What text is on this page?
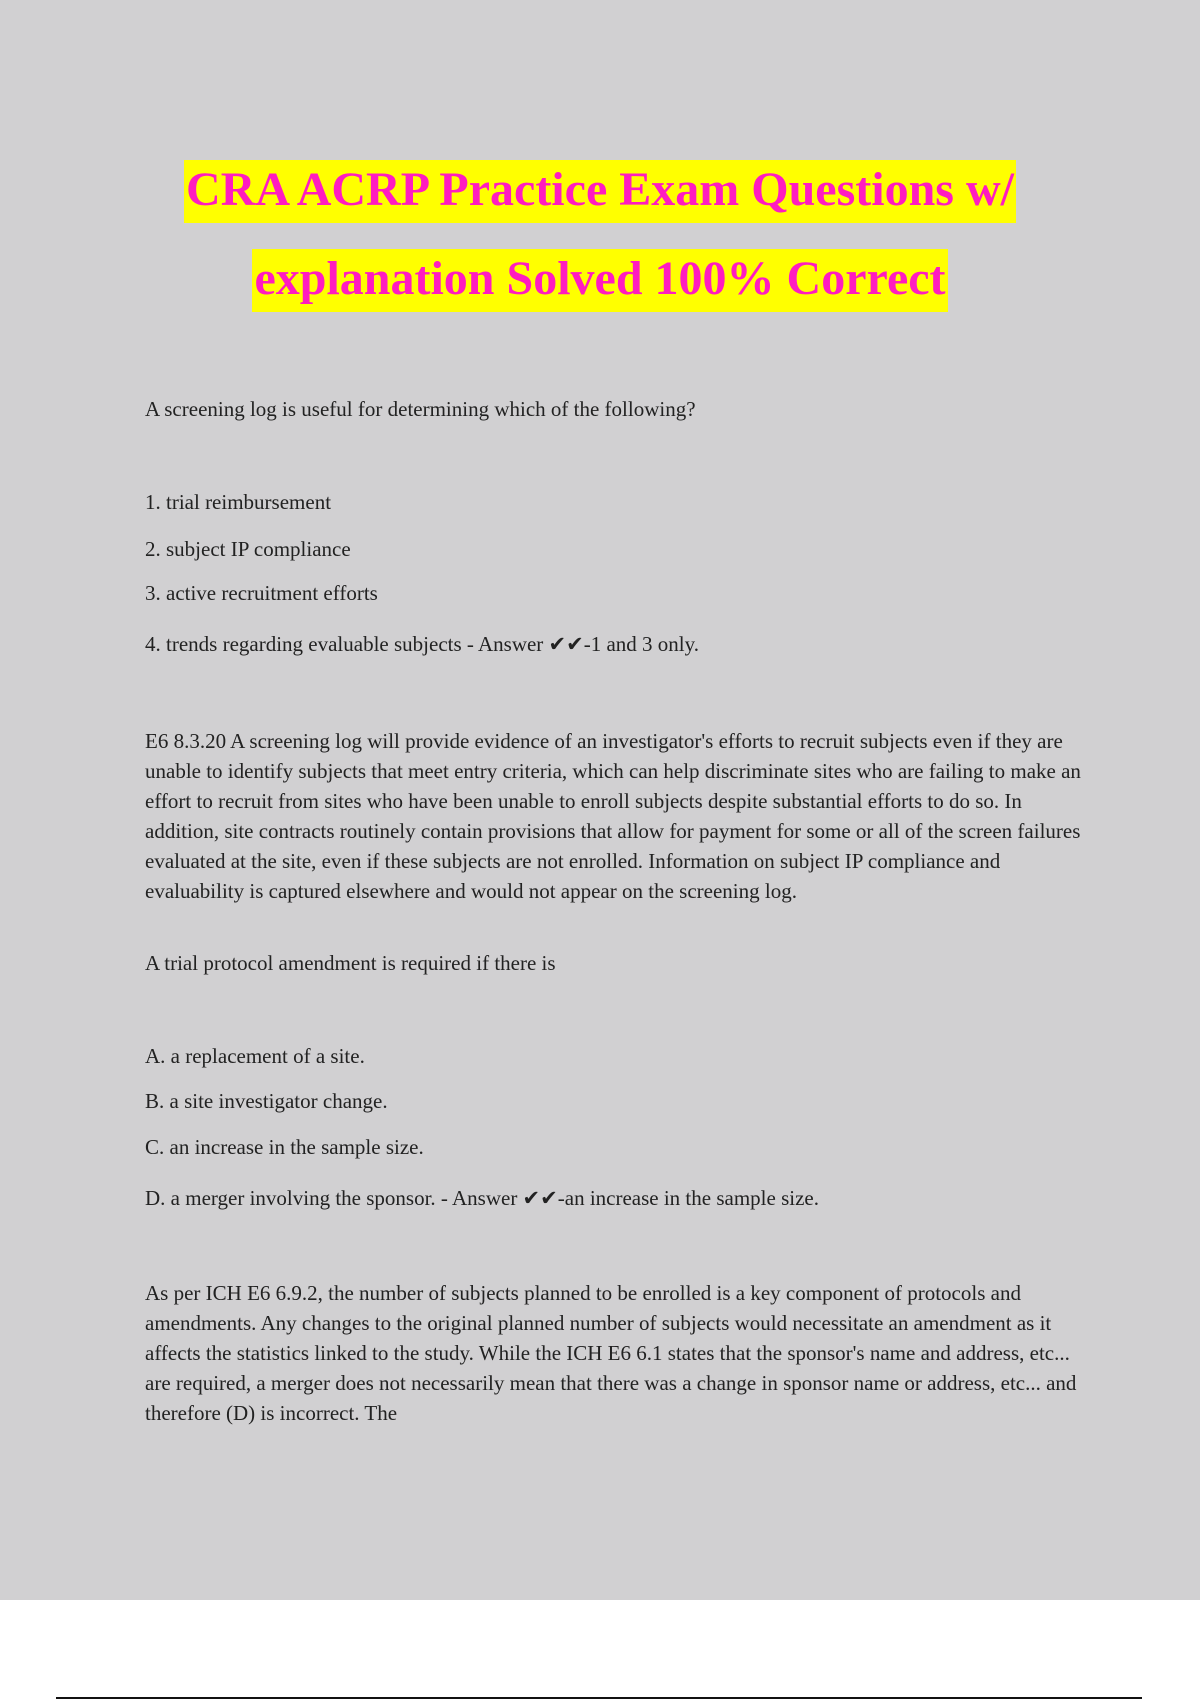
CRA ACRP Practice Exam Questions w/
explanation Solved 100% Correct

A screening log is useful for determining which of the following?

1. trial reimbursement

2. subject IP compliance

3. active recruitment efforts

4. trends regarding evaluable subjects - Answer ✔✔-1 and 3 only.

E6 8.3.20 A screening log will provide evidence of an investigator's efforts to recruit subjects even if they are unable to identify subjects that meet entry criteria, which can help discriminate sites who are failing to make an effort to recruit from sites who have been unable to enroll subjects despite substantial efforts to do so. In addition, site contracts routinely contain provisions that allow for payment for some or all of the screen failures evaluated at the site, even if these subjects are not enrolled. Information on subject IP compliance and evaluability is captured elsewhere and would not appear on the screening log.

A trial protocol amendment is required if there is

A. a replacement of a site.

B. a site investigator change.

C. an increase in the sample size.

D. a merger involving the sponsor. - Answer ✔✔-an increase in the sample size.

As per ICH E6 6.9.2, the number of subjects planned to be enrolled is a key component of protocols and amendments. Any changes to the original planned number of subjects would necessitate an amendment as it affects the statistics linked to the study. While the ICH E6 6.1 states that the sponsor's name and address, etc... are required, a merger does not necessarily mean that there was a change in sponsor name or address, etc... and therefore (D) is incorrect. The
